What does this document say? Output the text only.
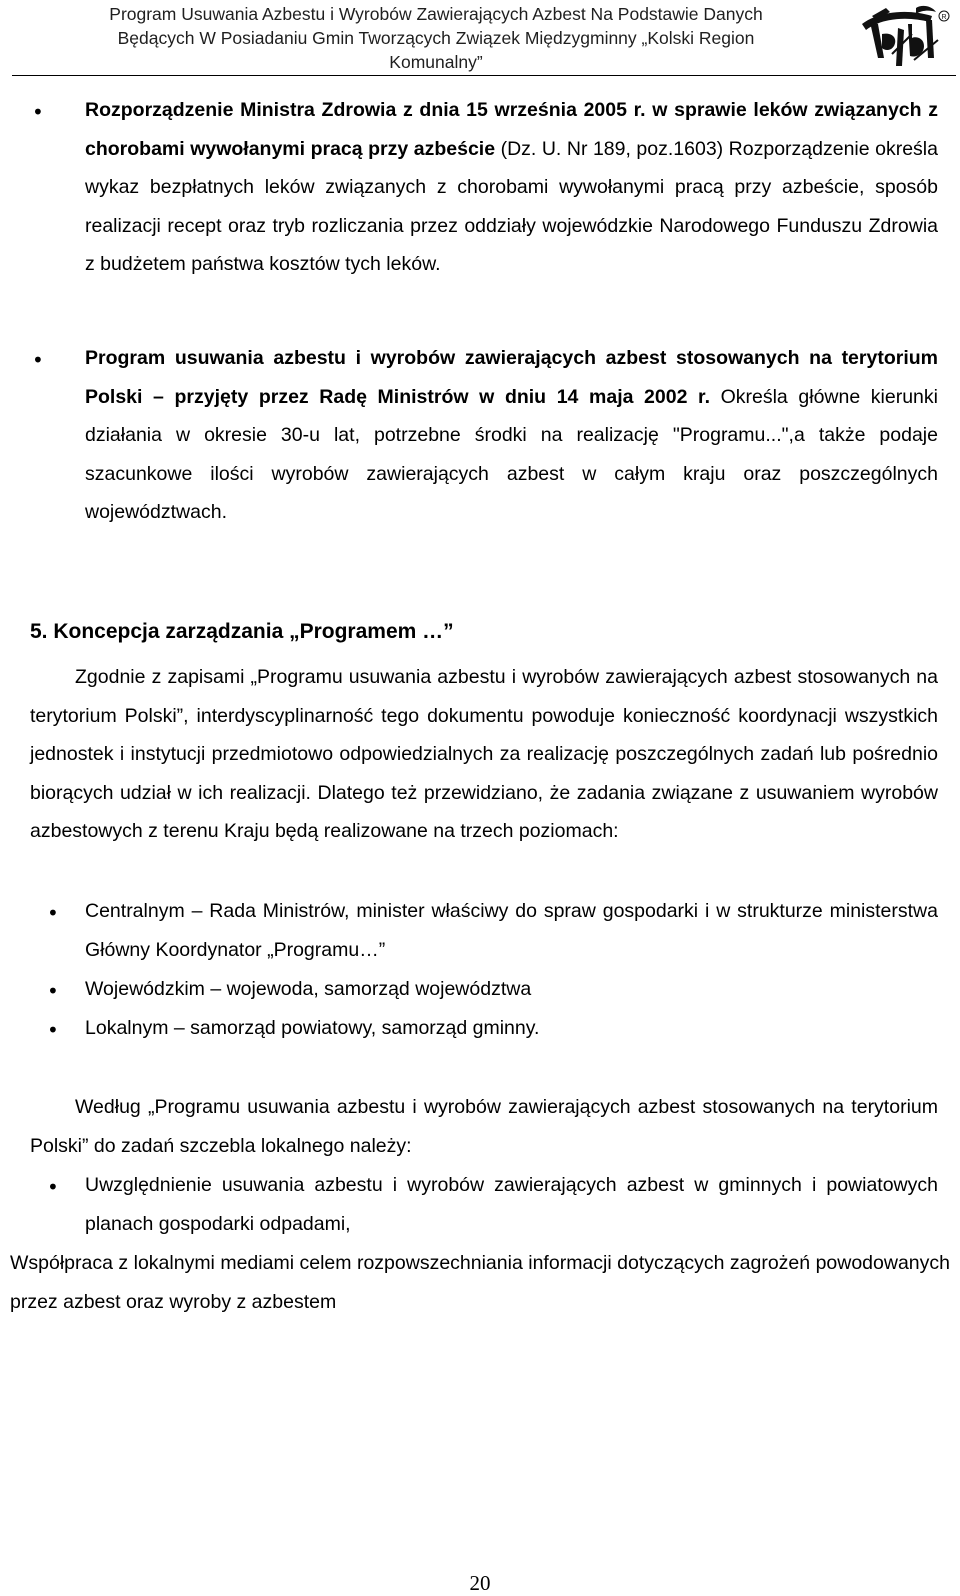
Program Usuwania Azbestu i Wyrobów Zawierających Azbest Na Podstawie Danych
Będących W Posiadaniu Gmin Tworzących Związek Międzygminny „Kolski Region
Komunalny”
R
• Rozporządzenie Ministra Zdrowia z dnia 15 września 2005 r. w sprawie leków związanych z chorobami wywołanymi pracą przy azbeście (Dz. U. Nr 189, poz.1603) Rozporządzenie określa wykaz bezpłatnych leków związanych z chorobami wywołanymi pracą przy azbeście, sposób realizacji recept oraz tryb rozliczania przez oddziały wojewódzkie Narodowego Funduszu Zdrowia z budżetem państwa kosztów tych leków.
• Program usuwania azbestu i wyrobów zawierających azbest stosowanych na terytorium Polski – przyjęty przez Radę Ministrów w dniu 14 maja 2002 r. Określa główne kierunki działania w okresie 30-u lat, potrzebne środki na realizację "Programu...",a także podaje szacunkowe ilości wyrobów zawierających azbest w całym kraju oraz poszczególnych województwach.
5. Koncepcja zarządzania „Programem …”
Zgodnie z zapisami „Programu usuwania azbestu i wyrobów zawierających azbest stosowanych na terytorium Polski”, interdyscyplinarność tego dokumentu powoduje konieczność koordynacji wszystkich jednostek i instytucji przedmiotowo odpowiedzialnych za realizację poszczególnych zadań lub pośrednio biorących udział w ich realizacji. Dlatego też przewidziano, że zadania związane z usuwaniem wyrobów azbestowych z terenu Kraju będą realizowane na trzech poziomach:
• Centralnym – Rada Ministrów, minister właściwy do spraw gospodarki i w strukturze ministerstwa Główny Koordynator „Programu…”
• Wojewódzkim – wojewoda, samorząd województwa
• Lokalnym – samorząd powiatowy, samorząd gminny.
Według „Programu usuwania azbestu i wyrobów zawierających azbest stosowanych na terytorium Polski” do zadań szczebla lokalnego należy:
• Uwzględnienie usuwania azbestu i wyrobów zawierających azbest w gminnych i powiatowych planach gospodarki odpadami,
Współpraca z lokalnymi mediami celem rozpowszechniania informacji dotyczących zagrożeń powodowanych przez azbest oraz wyroby z azbestem
20
